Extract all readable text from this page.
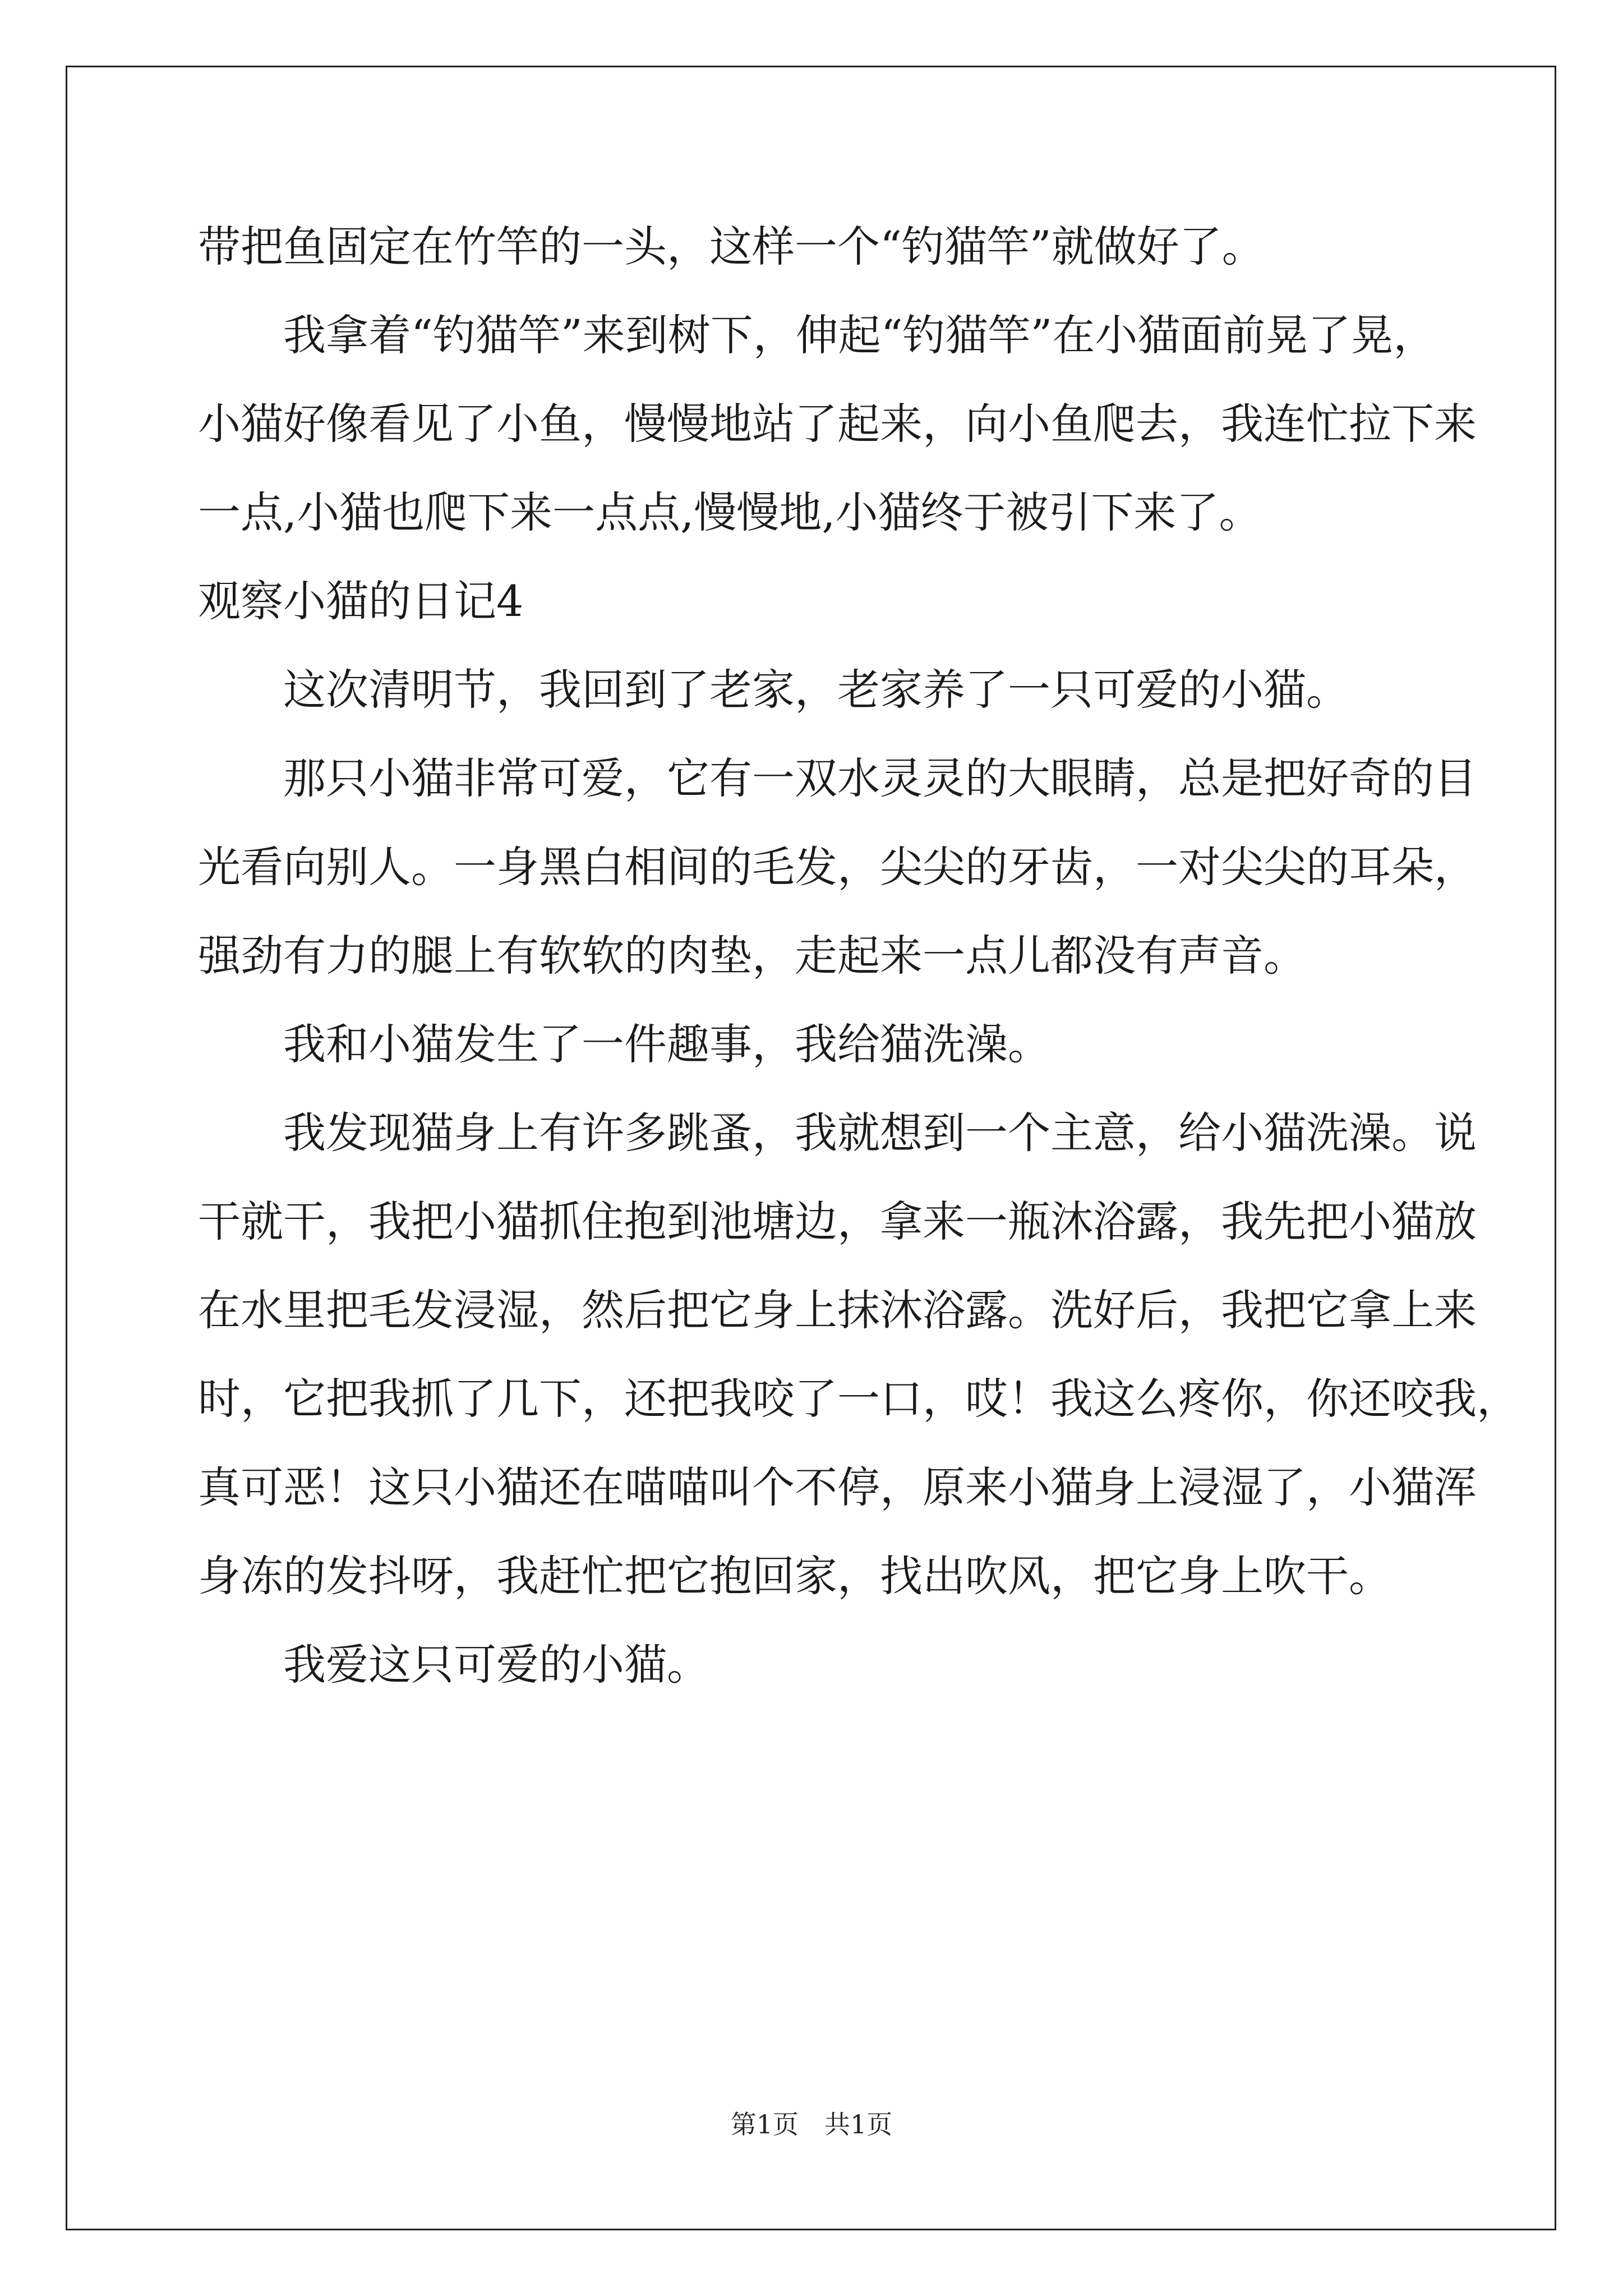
带把鱼固定在竹竿的一头，这样一个“钓猫竿”就做好了。
　　我拿着“钓猫竿”来到树下，伸起“钓猫竿”在小猫面前晃了晃，
小猫好像看见了小鱼，慢慢地站了起来，向小鱼爬去，我连忙拉下来
一点,小猫也爬下来一点点,慢慢地,小猫终于被引下来了。
观察小猫的日记4
　　这次清明节，我回到了老家，老家养了一只可爱的小猫。
　　那只小猫非常可爱，它有一双水灵灵的大眼睛，总是把好奇的目
光看向别人。一身黑白相间的毛发，尖尖的牙齿，一对尖尖的耳朵，
强劲有力的腿上有软软的肉垫，走起来一点儿都没有声音。
　　我和小猫发生了一件趣事，我给猫洗澡。
　　我发现猫身上有许多跳蚤，我就想到一个主意，给小猫洗澡。说
干就干，我把小猫抓住抱到池塘边，拿来一瓶沐浴露，我先把小猫放
在水里把毛发浸湿，然后把它身上抹沐浴露。洗好后，我把它拿上来
时，它把我抓了几下，还把我咬了一口，哎！我这么疼你，你还咬我，
真可恶！这只小猫还在喵喵叫个不停，原来小猫身上浸湿了，小猫浑
身冻的发抖呀，我赶忙把它抱回家，找出吹风，把它身上吹干。
　　我爱这只可爱的小猫。
第1页　共1页
